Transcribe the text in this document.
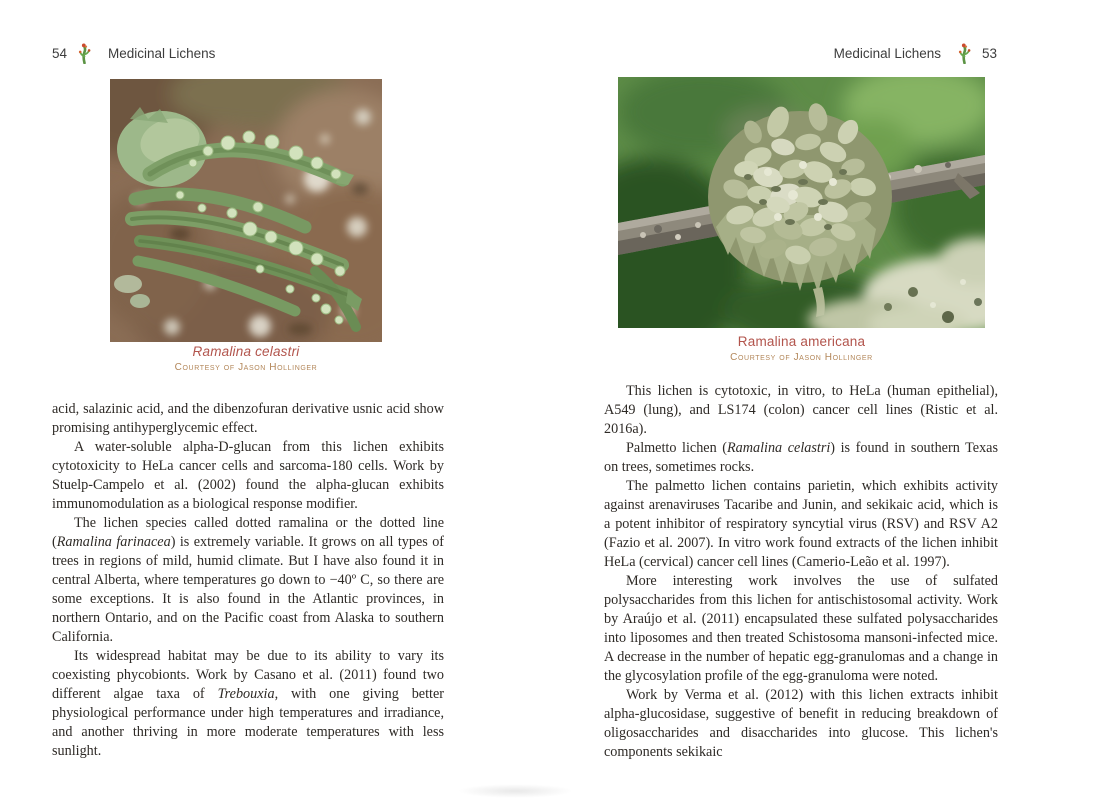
54	Medicinal Lichens
Ramalina celastri
Courtesy of Jason Hollinger

acid, salazinic acid, and the dibenzofuran derivative usnic acid show promising antihyperglycemic effect.

A water-soluble alpha-D-glucan from this lichen exhibits cytotoxicity to HeLa cancer cells and sarcoma-180 cells. Work by Stuelp-Campelo et al. (2002) found the alpha-glucan exhibits immunomodulation as a biological response modifier.

The lichen species called dotted ramalina or the dotted line (Ramalina farinacea) is extremely variable. It grows on all types of trees in regions of mild, humid climate. But I have also found it in central Alberta, where temperatures go down to −40º C, so there are some exceptions. It is also found in the Atlantic provinces, in northern Ontario, and on the Pacific coast from Alaska to southern California.

Its widespread habitat may be due to its ability to vary its coexisting phycobionts. Work by Casano et al. (2011) found two different algae taxa of Trebouxia, with one giving better physiological performance under high temperatures and irradiance, and another thriving in more moderate temperatures with less sunlight.

Medicinal Lichens	53
Ramalina americana
Courtesy of Jason Hollinger

This lichen is cytotoxic, in vitro, to HeLa (human epithelial), A549 (lung), and LS174 (colon) cancer cell lines (Ristic et al. 2016a).

Palmetto lichen (Ramalina celastri) is found in southern Texas on trees, sometimes rocks.

The palmetto lichen contains parietin, which exhibits activity against arenaviruses Tacaribe and Junin, and sekikaic acid, which is a potent inhibitor of respiratory syncytial virus (RSV) and RSV A2 (Fazio et al. 2007). In vitro work found extracts of the lichen inhibit HeLa (cervical) cancer cell lines (Camerio-Leão et al. 1997).

More interesting work involves the use of sulfated polysaccharides from this lichen for antischistosomal activity. Work by Araújo et al. (2011) encapsulated these sulfated polysaccharides into liposomes and then treated Schistosoma mansoni-infected mice. A decrease in the number of hepatic egg-granulomas and a change in the glycosylation profile of the egg-granuloma were noted.

Work by Verma et al. (2012) with this lichen extracts inhibit alpha-glucosidase, suggestive of benefit in reducing breakdown of oligosaccharides and disaccharides into glucose. This lichen's components sekikaic
